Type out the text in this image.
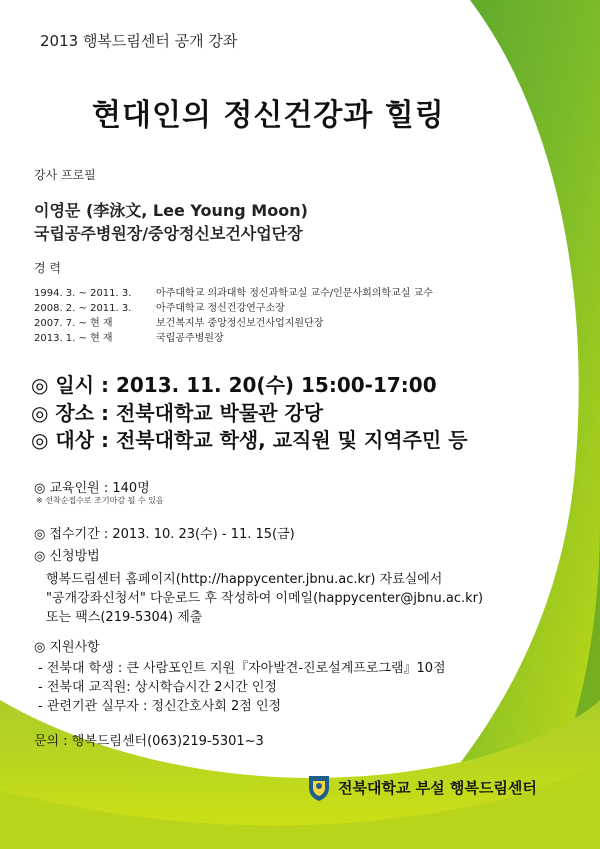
2013 행복드림센터 공개 강좌
현대인의 정신건강과 힐링
강사 프로필
이영문 (李泳文, Lee Young Moon)
국립공주병원장/중앙정신보건사업단장
경 력
1994. 3. ~ 2011. 3. 아주대학교 의과대학 정신과학교실 교수/인문사회의학교실 교수
2008. 2. ~ 2011. 3. 아주대학교 정신건강연구소장
2007. 7. ~ 현 재	보건복지부 중앙정신보건사업지원단장
2013. 1. ~ 현 재	국립공주병원장
◎ 일시 : 2013. 11. 20(수) 15:00-17:00
◎ 장소 : 전북대학교 박물관 강당
◎ 대상 : 전북대학교 학생, 교직원 및 지역주민 등
◎ 교육인원 : 140명
※ 선착순접수로 조기마감 될 수 있음
◎ 접수기간 : 2013. 10. 23(수) - 11. 15(금)
◎ 신청방법
행복드림센터 홈페이지(http://happycenter.jbnu.ac.kr) 자료실에서
"공개강좌신청서" 다운로드 후 작성하여 이메일(happycenter@jbnu.ac.kr)
또는 팩스(219-5304) 제출
◎ 지원사항
- 전북대 학생 : 큰 사람포인트 지원『자아발견-진로설계프로그램』10점
- 전북대 교직원: 상시학습시간 2시간 인정
- 관련기관 실무자 : 정신간호사회 2점 인정
문의 : 행복드림센터(063)219-5301~3
전북대학교 부설 행복드림센터
